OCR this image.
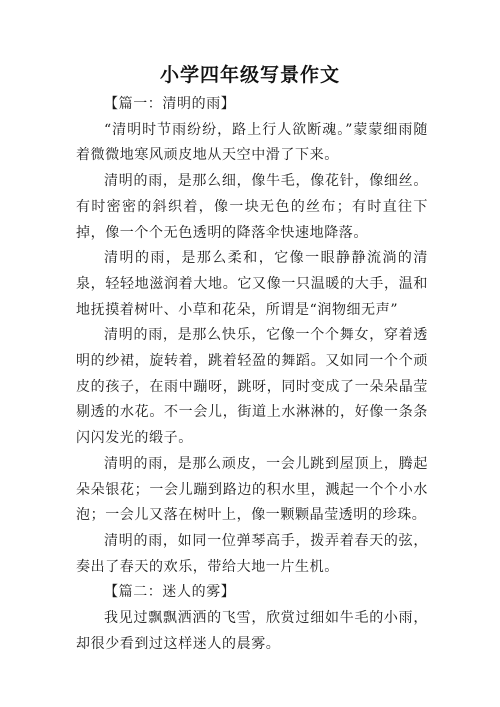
小学四年级写景作文

【篇一：清明的雨】

“清明时节雨纷纷，路上行人欲断魂。”蒙蒙细雨随着微微地寒风顽皮地从天空中滑了下来。

清明的雨，是那么细，像牛毛，像花针，像细丝。有时密密的斜织着，像一块无色的丝布；有时直往下掉，像一个个无色透明的降落伞快速地降落。

清明的雨，是那么柔和，它像一眼静静流淌的清泉，轻轻地滋润着大地。它又像一只温暖的大手，温和地抚摸着树叶、小草和花朵，所谓是“润物细无声”

清明的雨，是那么快乐，它像一个个舞女，穿着透明的纱裙，旋转着，跳着轻盈的舞蹈。又如同一个个顽皮的孩子，在雨中蹦呀，跳呀，同时变成了一朵朵晶莹剔透的水花。不一会儿，街道上水淋淋的，好像一条条闪闪发光的缎子。

清明的雨，是那么顽皮，一会儿跳到屋顶上，腾起朵朵银花；一会儿蹦到路边的积水里，溅起一个个小水泡；一会儿又落在树叶上，像一颗颗晶莹透明的珍珠。

清明的雨，如同一位弹琴高手，拨弄着春天的弦，奏出了春天的欢乐，带给大地一片生机。

【篇二：迷人的雾】

我见过飘飘洒洒的飞雪，欣赏过细如牛毛的小雨，却很少看到过这样迷人的晨雾。
